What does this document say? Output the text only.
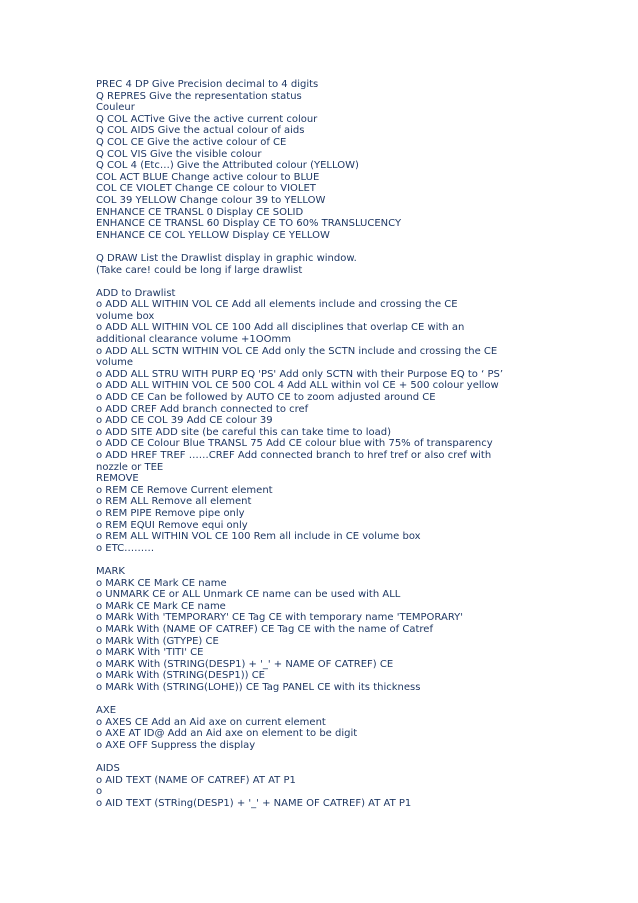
PREC 4 DP Give Precision decimal to 4 digits
Q REPRES Give the representation status
Couleur
Q COL ACTive Give the active current colour
Q COL AIDS Give the actual colour of aids
Q COL CE Give the active colour of CE
Q COL VIS Give the visible colour
Q COL 4 (Etc…) Give the Attributed colour (YELLOW)
COL ACT BLUE Change active colour to BLUE
COL CE VIOLET Change CE colour to VIOLET
COL 39 YELLOW Change colour 39 to YELLOW
ENHANCE CE TRANSL 0 Display CE SOLID
ENHANCE CE TRANSL 60 Display CE TO 60% TRANSLUCENCY
ENHANCE CE COL YELLOW Display CE YELLOW
Q DRAW List the Drawlist display in graphic window.
(Take care! could be long if large drawlist
ADD to Drawlist
o ADD ALL WITHIN VOL CE Add all elements include and crossing the CE
volume box
o ADD ALL WITHIN VOL CE 100 Add all disciplines that overlap CE with an
additional clearance volume +1OOmm
o ADD ALL SCTN WITHIN VOL CE Add only the SCTN include and crossing the CE
volume
o ADD ALL STRU WITH PURP EQ 'PS' Add only SCTN with their Purpose EQ to ‘ PS’
o ADD ALL WITHIN VOL CE 500 COL 4 Add ALL within vol CE + 500 colour yellow
o ADD CE Can be followed by AUTO CE to zoom adjusted around CE
o ADD CREF Add branch connected to cref
o ADD CE COL 39 Add CE colour 39
o ADD SITE ADD site (be careful this can take time to load)
o ADD CE Colour Blue TRANSL 75 Add CE colour blue with 75% of transparency
o ADD HREF TREF ……CREF Add connected branch to href tref or also cref with
nozzle or TEE
REMOVE
o REM CE Remove Current element
o REM ALL Remove all element
o REM PIPE Remove pipe only
o REM EQUI Remove equi only
o REM ALL WITHIN VOL CE 100 Rem all include in CE volume box
o ETC………
MARK
o MARK CE Mark CE name
o UNMARK CE or ALL Unmark CE name can be used with ALL
o MARk CE Mark CE name
o MARk With 'TEMPORARY' CE Tag CE with temporary name 'TEMPORARY'
o MARk With (NAME OF CATREF) CE Tag CE with the name of Catref
o MARk With (GTYPE) CE
o MARK With 'TITI' CE
o MARK With (STRING(DESP1) + '_' + NAME OF CATREF) CE
o MARk With (STRING(DESP1)) CE
o MARk With (STRING(LOHE)) CE Tag PANEL CE with its thickness
AXE
o AXES CE Add an Aid axe on current element
o AXE AT ID@ Add an Aid axe on element to be digit
o AXE OFF Suppress the display
AIDS
o AID TEXT (NAME OF CATREF) AT AT P1
o
o AID TEXT (STRing(DESP1) + '_' + NAME OF CATREF) AT AT P1
